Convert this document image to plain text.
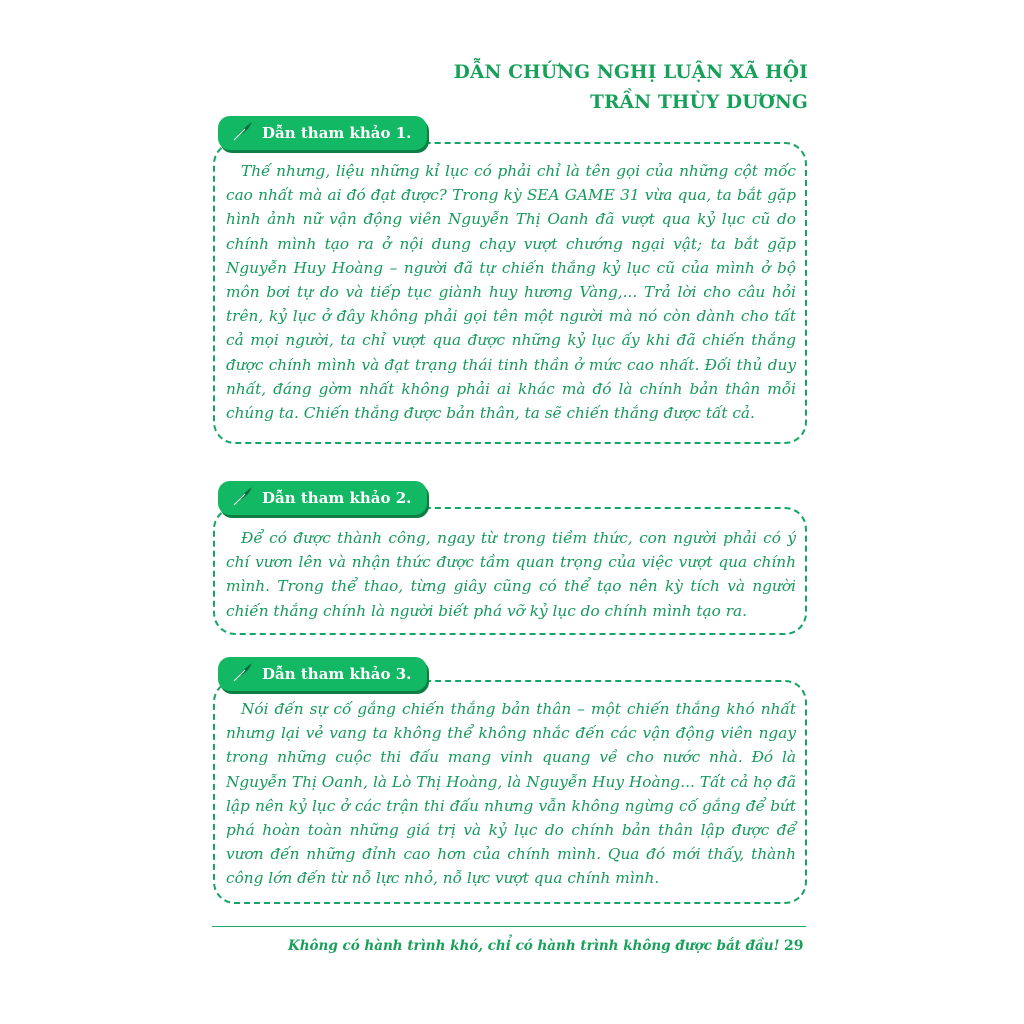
DẪN CHỨNG NGHỊ LUẬN XÃ HỘI
TRẦN THÙY DƯƠNG

Thế nhưng, liệu những kỉ lục có phải chỉ là tên gọi của những cột mốc cao nhất mà ai đó đạt được? Trong kỳ SEA GAME 31 vừa qua, ta bắt gặp hình ảnh nữ vận động viên Nguyễn Thị Oanh đã vượt qua kỷ lục cũ do chính mình tạo ra ở nội dung chạy vượt chướng ngại vật; ta bắt gặp Nguyễn Huy Hoàng – người đã tự chiến thắng kỷ lục cũ của mình ở bộ môn bơi tự do và tiếp tục giành huy hương Vàng,... Trả lời cho câu hỏi trên, kỷ lục ở đây không phải gọi tên một người mà nó còn dành cho tất cả mọi người, ta chỉ vượt qua được những kỷ lục ấy khi đã chiến thắng được chính mình và đạt trạng thái tinh thần ở mức cao nhất. Đối thủ duy nhất, đáng gờm nhất không phải ai khác mà đó là chính bản thân mỗi chúng ta. Chiến thắng được bản thân, ta sẽ chiến thắng được tất cả.

Dẫn tham khảo 1.

Để có được thành công, ngay từ trong tiềm thức, con người phải có ý chí vươn lên và nhận thức được tầm quan trọng của việc vượt qua chính mình. Trong thể thao, từng giây cũng có thể tạo nên kỳ tích và người chiến thắng chính là người biết phá vỡ kỷ lục do chính mình tạo ra.

Dẫn tham khảo 2.

Nói đến sự cố gắng chiến thắng bản thân – một chiến thắng khó nhất nhưng lại vẻ vang ta không thể không nhắc đến các vận động viên ngay trong những cuộc thi đấu mang vinh quang về cho nước nhà. Đó là Nguyễn Thị Oanh, là Lò Thị Hoàng, là Nguyễn Huy Hoàng... Tất cả họ đã lập nên kỷ lục ở các trận thi đấu nhưng vẫn không ngừng cố gắng để bứt phá hoàn toàn những giá trị và kỷ lục do chính bản thân lập được để vươn đến những đỉnh cao hơn của chính mình. Qua đó mới thấy, thành công lớn đến từ nỗ lực nhỏ, nỗ lực vượt qua chính mình.

Dẫn tham khảo 3.
Không có hành trình khó, chỉ có hành trình không được bắt đầu! 29
